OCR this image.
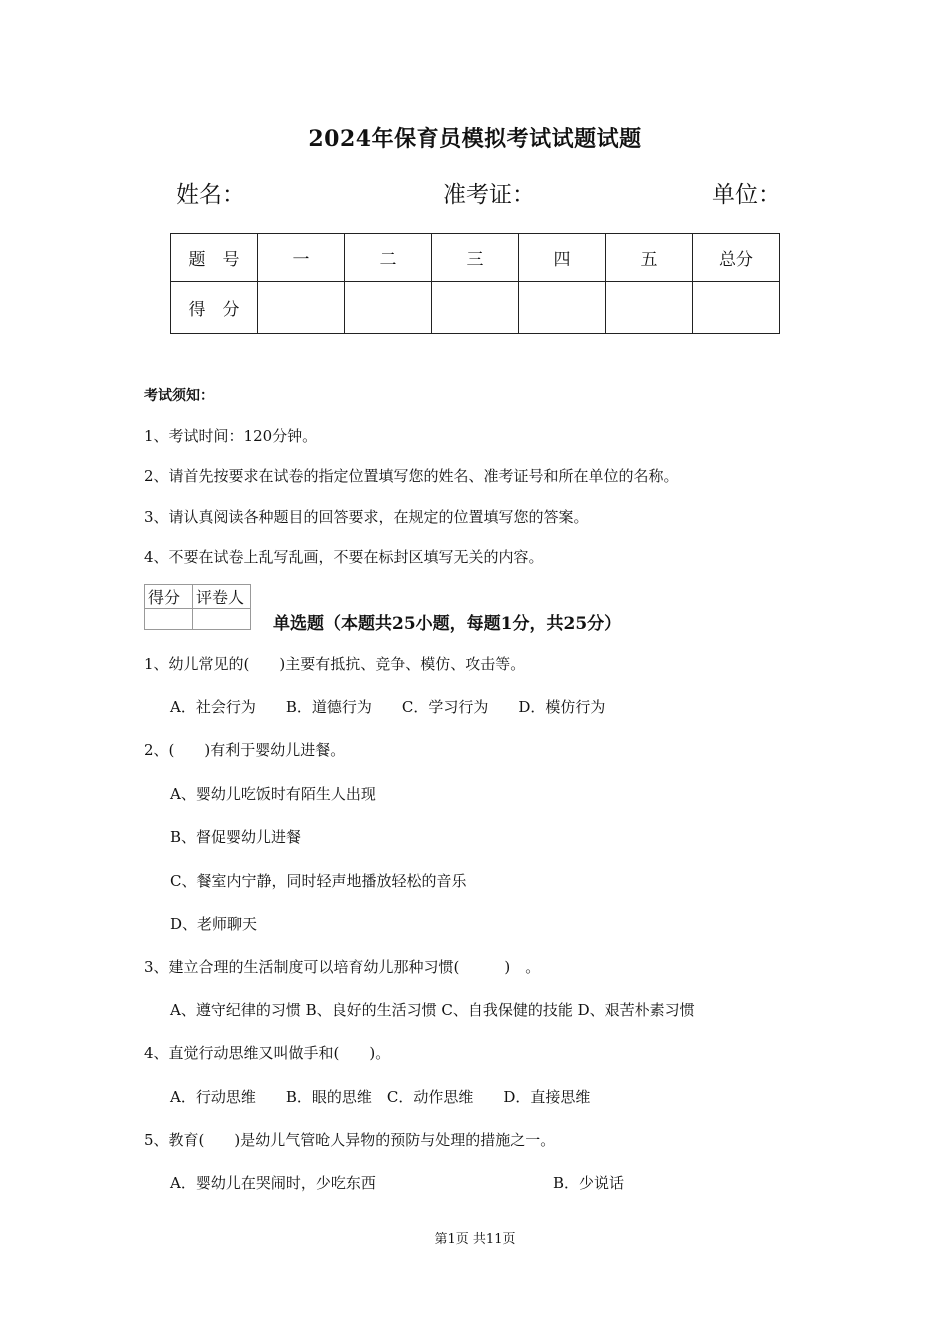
2024年保育员模拟考试试题试题
姓名：	准考证：	单位：
题　号	一	二	三	四	五	总分
得　分						
考试须知：
1、考试时间：120分钟。
2、请首先按要求在试卷的指定位置填写您的姓名、准考证号和所在单位的名称。
3、请认真阅读各种题目的回答要求，在规定的位置填写您的答案。
4、不要在试卷上乱写乱画，不要在标封区填写无关的内容。
得分	评卷人

单选题（本题共25小题，每题1分，共25分）
1、幼儿常见的(　　)主要有抵抗、竞争、模仿、攻击等。
A．社会行为　　B．道德行为　　C．学习行为　　D．模仿行为
2、(　　)有利于婴幼儿进餐。
A、婴幼儿吃饭时有陌生人出现
B、督促婴幼儿进餐
C、餐室内宁静，同时轻声地播放轻松的音乐
D、老师聊天
3、建立合理的生活制度可以培育幼儿那种习惯(　　　)　。
A、遵守纪律的习惯 B、良好的生活习惯 C、自我保健的技能 D、艰苦朴素习惯
4、直觉行动思维又叫做手和(　　)。
A．行动思维　　B．眼的思维　C．动作思维　　D．直接思维
5、教育(　　)是幼儿气管呛人异物的预防与处理的措施之一。
A．婴幼儿在哭闹时，少吃东西	B．少说话
第1页 共11页
